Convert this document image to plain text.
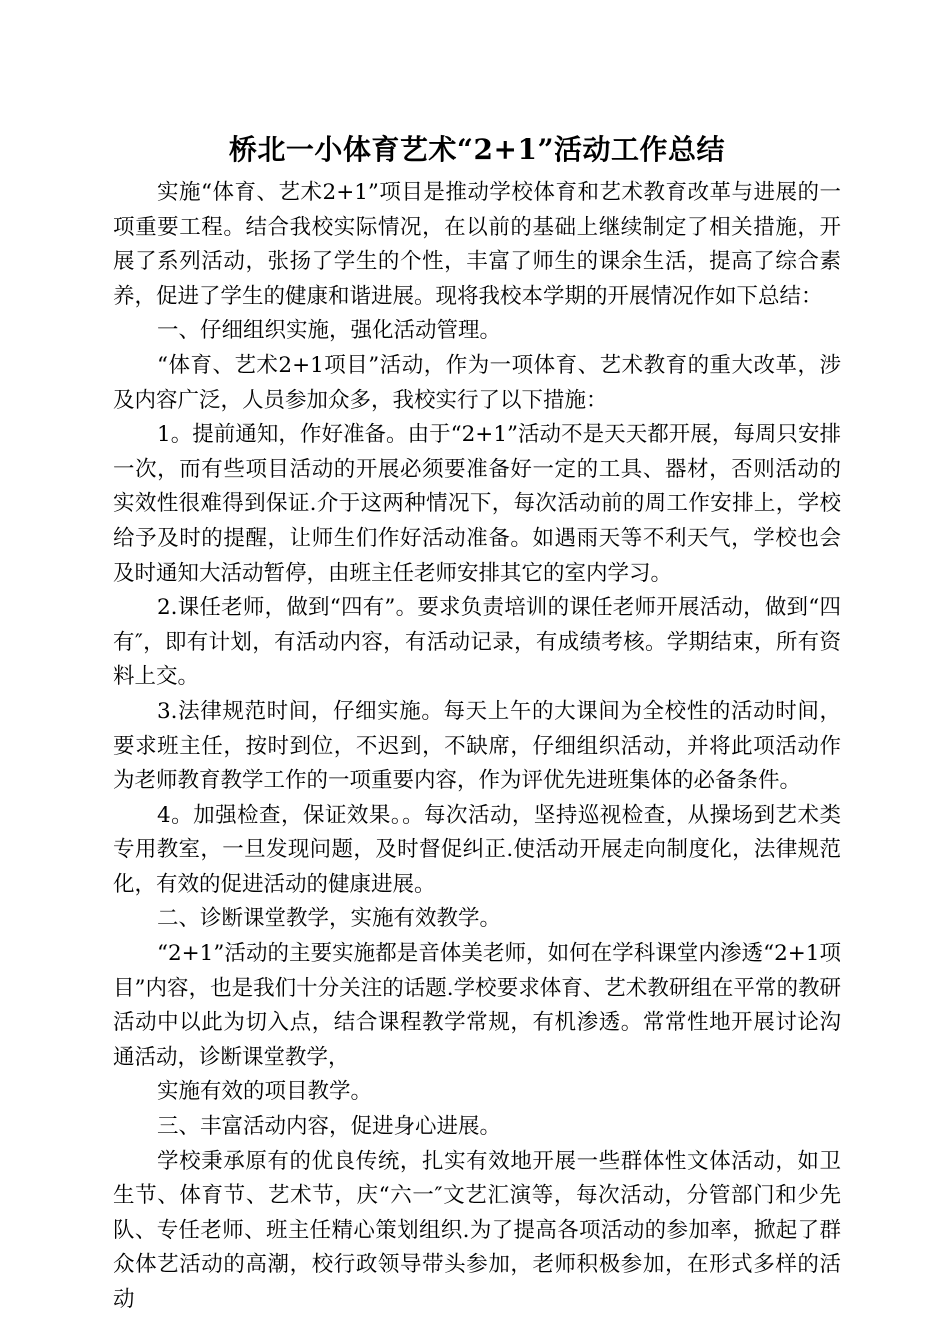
桥北一小体育艺术“2+1”活动工作总结

实施“体育、艺术2+1”项目是推动学校体育和艺术教育改革与进展的一项重要工程。结合我校实际情况，在以前的基础上继续制定了相关措施，开展了系列活动，张扬了学生的个性，丰富了师生的课余生活，提高了综合素养，促进了学生的健康和谐进展。现将我校本学期的开展情况作如下总结：

一、仔细组织实施，强化活动管理。

“体育、艺术2+1项目”活动，作为一项体育、艺术教育的重大改革，涉及内容广泛，人员参加众多，我校实行了以下措施：

1。提前通知，作好准备。由于“2+1”活动不是天天都开展，每周只安排一次，而有些项目活动的开展必须要准备好一定的工具、器材，否则活动的实效性很难得到保证.介于这两种情况下，每次活动前的周工作安排上，学校给予及时的提醒，让师生们作好活动准备。如遇雨天等不利天气，学校也会及时通知大活动暂停，由班主任老师安排其它的室内学习。

2.课任老师，做到“四有”。要求负责培训的课任老师开展活动，做到“四有″，即有计划，有活动内容，有活动记录，有成绩考核。学期结束，所有资料上交。

3.法律规范时间，仔细实施。每天上午的大课间为全校性的活动时间，要求班主任，按时到位，不迟到，不缺席，仔细组织活动，并将此项活动作为老师教育教学工作的一项重要内容，作为评优先进班集体的必备条件。

4。加强检查，保证效果。。每次活动，坚持巡视检查，从操场到艺术类专用教室，一旦发现问题，及时督促纠正.使活动开展走向制度化，法律规范化，有效的促进活动的健康进展。

二、诊断课堂教学，实施有效教学。

“2+1”活动的主要实施都是音体美老师，如何在学科课堂内渗透“2+1项目”内容，也是我们十分关注的话题.学校要求体育、艺术教研组在平常的教研活动中以此为切入点，结合课程教学常规，有机渗透。常常性地开展讨论沟通活动，诊断课堂教学，

实施有效的项目教学。

三、丰富活动内容，促进身心进展。

学校秉承原有的优良传统，扎实有效地开展一些群体性文体活动，如卫生节、体育节、艺术节，庆“六一″文艺汇演等，每次活动，分管部门和少先队、专任老师、班主任精心策划组织.为了提高各项活动的参加率，掀起了群众体艺活动的高潮，校行政领导带头参加，老师积极参加，在形式多样的活动
